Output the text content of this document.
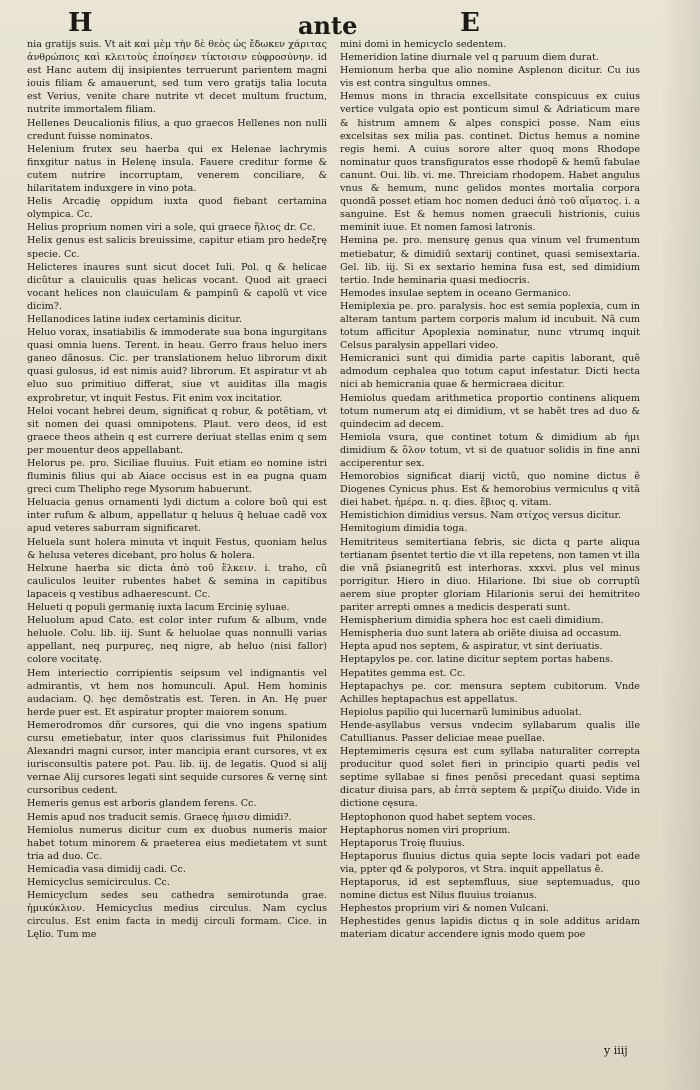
H	ante	E

nia gratijs suis. Vt ait καὶ μὲμ τὴν δὲ θεὸς ὡς ἔδωκεν χάριτας ἀνθρώποις καὶ κλειτοὺς ἐποίησεν τίκτοισιν εὐφροσύνην. id est Hanc autem dij insipientes terruerunt parientem magni iouis filiam & amauerunt, sed tum vero gratijs talia locuta est Verius, venite chare nutrite vt decet multum fructum, nutrite immortalem filiam.

Hellenes Deucalionis filius, a quo graecos Hellenes non nulli credunt fuisse nominatos.

Helenium frutex seu haerba qui ex Helenae lachrymis finxgitur natus in Helenę insula. Fauere creditur forme & cutem nutrire incorruptam, venerem conciliare, & hilaritatem induxgere in vino pota.

Helis Arcadię oppidum iuxta quod fiebant certamina olympica. Cc.

Helius proprium nomen viri a sole, qui graece ἥλιος dr. Cc.

Helix genus est salicis breuissime, capitur etiam pro hedeξrę specie. Cc.

Helicteres inaures sunt sicut docet Iuli. Pol. q & helicae dicũtur a clauiculis quas helicas vocant. Quod ait graeci vocant helices non clauiculam & pampinũ & capolũ vt vice dicim?.

Hellanodices latine iudex certaminis dicitur.

Heluo vorax, insatiabilis & immoderate sua bona ingurgitans quasi omnia luens. Terent. in heau. Gerro fraus heluo iners ganeo dãnosus. Cic. per translationem heluo librorum dixit quasi gulosus, id est nimis auid? librorum. Et aspiratur vt ab eluo suo primitiuo differat, siue vt auiditas illa magis exprobretur, vt inquit Festus. Fit enim vox incitatior.

Heloi vocant hebrei deum, significat q robur, & potẽtiam, vt sit nomen dei quasi omnipotens. Plaut. vero deos, id est graece theos athein q est currere deriuat stellas enim q sem per mouentur deos appellabant.

Helorus pe. pro. Siciliae fluuius. Fuit etiam eo nomine istri fluminis filius qui ab Aiace occisus est in ea pugna quam greci cum Thelipho rege Mysorum habuerunt.

Heluacia genus ornamenti lydi dictum a colore boũ qui est inter rufum & album, appellatur q heluus q̃ heluae cadẽ vox apud veteres saburram significaret.

Heluela sunt holera minuta vt inquit Festus, quoniam helus & helusa veteres dicebant, pro holus & holera.

Helxune haerba sic dicta ἀπὸ τοῦ ἕλκειν. i. traho, cũ cauliculos leuiter rubentes habet & semina in capitibus lapaceis q vestibus adhaerescunt. Cc.

Helueti q populi germanię iuxta lacum Ercinię syluae.

Heluolum apud Cato. est color inter rufum & album, vnde heluole. Colu. lib. iij. Sunt & heluolae quas nonnulli varias appellant, neq purpureç, neq nigre, ab heluo (nisi fallor) colore vocitatę.

Hem interiectio corripientis seipsum vel indignantis vel admirantis, vt hem nos homunculi. Apul. Hem hominis audaciam. Q. hęc demõstratis est. Teren. in An. Hę puer herde puer est. Et aspiratur propter maiorem sonum.

Hemerodromos dñr cursores, qui die vno ingens spatium cursu emetiebatur, inter quos clarissimus fuit Philonides Alexandri magni cursor, inter mancipia erant cursores, vt ex iurisconsultis patere pot. Pau. lib. iij. de legatis. Quod si alij vernae Alij cursores legati sint sequide cursores & vernę sint cursoribus cedent.

Hemeris genus est arboris glandem ferens. Cc.

Hemis apud nos traducit semis. Graecę ἡμισυ dimidi?.

Hemiolus numerus dicitur cum ex duobus numeris maior habet totum minorem & praeterea eius medietatem vt sunt tria ad duo. Cc.

Hemicadia vasa dimidij cadi. Cc.

Hemicyclus semicirculus. Cc.

Hemicyclum sedes seu cathedra semirotunda grae. ἡμικύκλιον. Hemicyclus medius circulus. Nam cyclus circulus. Est enim facta in medij circuli formam. Cice. in Lęlio. Tum me

mini domi in hemicyclo sedentem.

Hemeridion latine diurnale vel q paruum diem durat.

Hemionum herba que alio nomine Asplenon dicitur. Cu ius vis est contra singultus omnes.

Hemus mons in thracia excellsitate conspicuus ex cuius vertice vulgata opio est ponticum simul & Adriaticum mare & histrum amnem & alpes conspici posse. Nam eius excelsitas sex milia pas. continet. Dictus hemus a nomine regis hemi. A cuius sorore alter quoq mons Rhodope nominatur quos transfiguratos esse rhodopẽ & hemũ fabulae canunt. Oui. lib. vi. me. Threiciam rhodopem. Habet angulus vnus & hemum, nunc gelidos montes mortalia corpora quondã posset etiam hoc nomen deduci ἀπὸ τοῦ αἵματος. i. a sanguine. Est & hemus nomen graeculi histrionis, cuius meminit iuue. Et nomen famosi latronis.

Hemina pe. pro. mensurę genus qua vinum vel frumentum metiebatur, & dimidiũ sextarij continet, quasi semisextaria. Gel. lib. iij. Si ex sextario hemina fusa est, sed dimidium tertio. Inde heminaria quasi mediocris.

Hemodes insulae septem in oceano Germanico.

Hemiplexia pe. pro. paralysis. hoc est semia poplexia, cum in alteram tantum partem corporis malum id incubuit. Nã cum totum afficitur Apoplexia nominatur, nunc vtrumq inquit Celsus paralysin appellari video.

Hemicranici sunt qui dimidia parte capitis laborant, quẽ admodum cephalea quo totum caput infestatur. Dicti hecta nici ab hemicrania quae & hermicraea dicitur.

Hemiolus quedam arithmetica proportio continens aliquem totum numerum atq ei dimidium, vt se habẽt tres ad duo & quindecim ad decem.

Hemiola vsura, que continet totum & dimidium ab ἡμι dimidium & ὅλον totum, vt si de quatuor solidis in fine anni acciperentur sex.

Hemorobios significat diarij victũ, quo nomine dictus ẽ Diogenes Cynicus phus. Est & hemorobius vermiculus q vitã diei habet. ἡμέρα. n. q. dies. ἕβιος q. vitam.

Hemistichion dimidius versus. Nam στίχος versus dicitur.

Hemitogium dimidia toga.

Hemitriteus semitertiana febris, sic dicta q parte aliqua tertianam p̃sentet tertio die vt illa repetens, non tamen vt illa die vnã p̃sianegritũ est interhoras. xxxvi. plus vel minus porrigitur. Hiero in diuo. Hilarione. Ibi siue ob corruptũ aerem siue propter gloriam Hilarionis serui dei hemitriteo pariter arrepti omnes a medicis desperati sunt.

Hemispherium dimidia sphera hoc est caeli dimidium.

Hemispheria duo sunt latera ab oriẽte diuisa ad occasum.

Hepta apud nos septem, & aspiratur, vt sint deriuatis.

Heptapylos pe. cor. latine dicitur septem portas habens.

Hepatites gemma est. Cc.

Heptapachys pe. cor. mensura septem cubitorum. Vnde Achilles heptapachus est appellatus.

Hepiolus papilio qui lucernarũ luminibus aduolat.

Hende-asyllabus versus vndecim syllabarum qualis ille Catullianus. Passer deliciae meae puellae.

Heptemimeris cęsura est cum syllaba naturaliter correpta producitur quod solet fieri in principio quarti pedis vel septime syllabae si fines penõsi precedant quasi septima dicatur diuisa pars, ab ἑπτὰ septem & μερίζω diuido. Vide in dictione cęsura.

Heptophonon quod habet septem voces.

Heptaphorus nomen viri proprium.

Heptaporus Troię fluuius.

Heptaporus fluuius dictus quia septe locis vadari pot eade via, ppter qđ & polyporos, vt Stra. inquit appellatus ẽ.

Heptaporus, id est septemfluus, siue septemuadus, quo nomine dictus est Nilus fluuius troianus.

Hephestos proprium viri & nomen Vulcani.

Hephestides genus lapidis dictus q in sole additus aridam materiam dicatur accendere ignis modo quem poe

y iiij
